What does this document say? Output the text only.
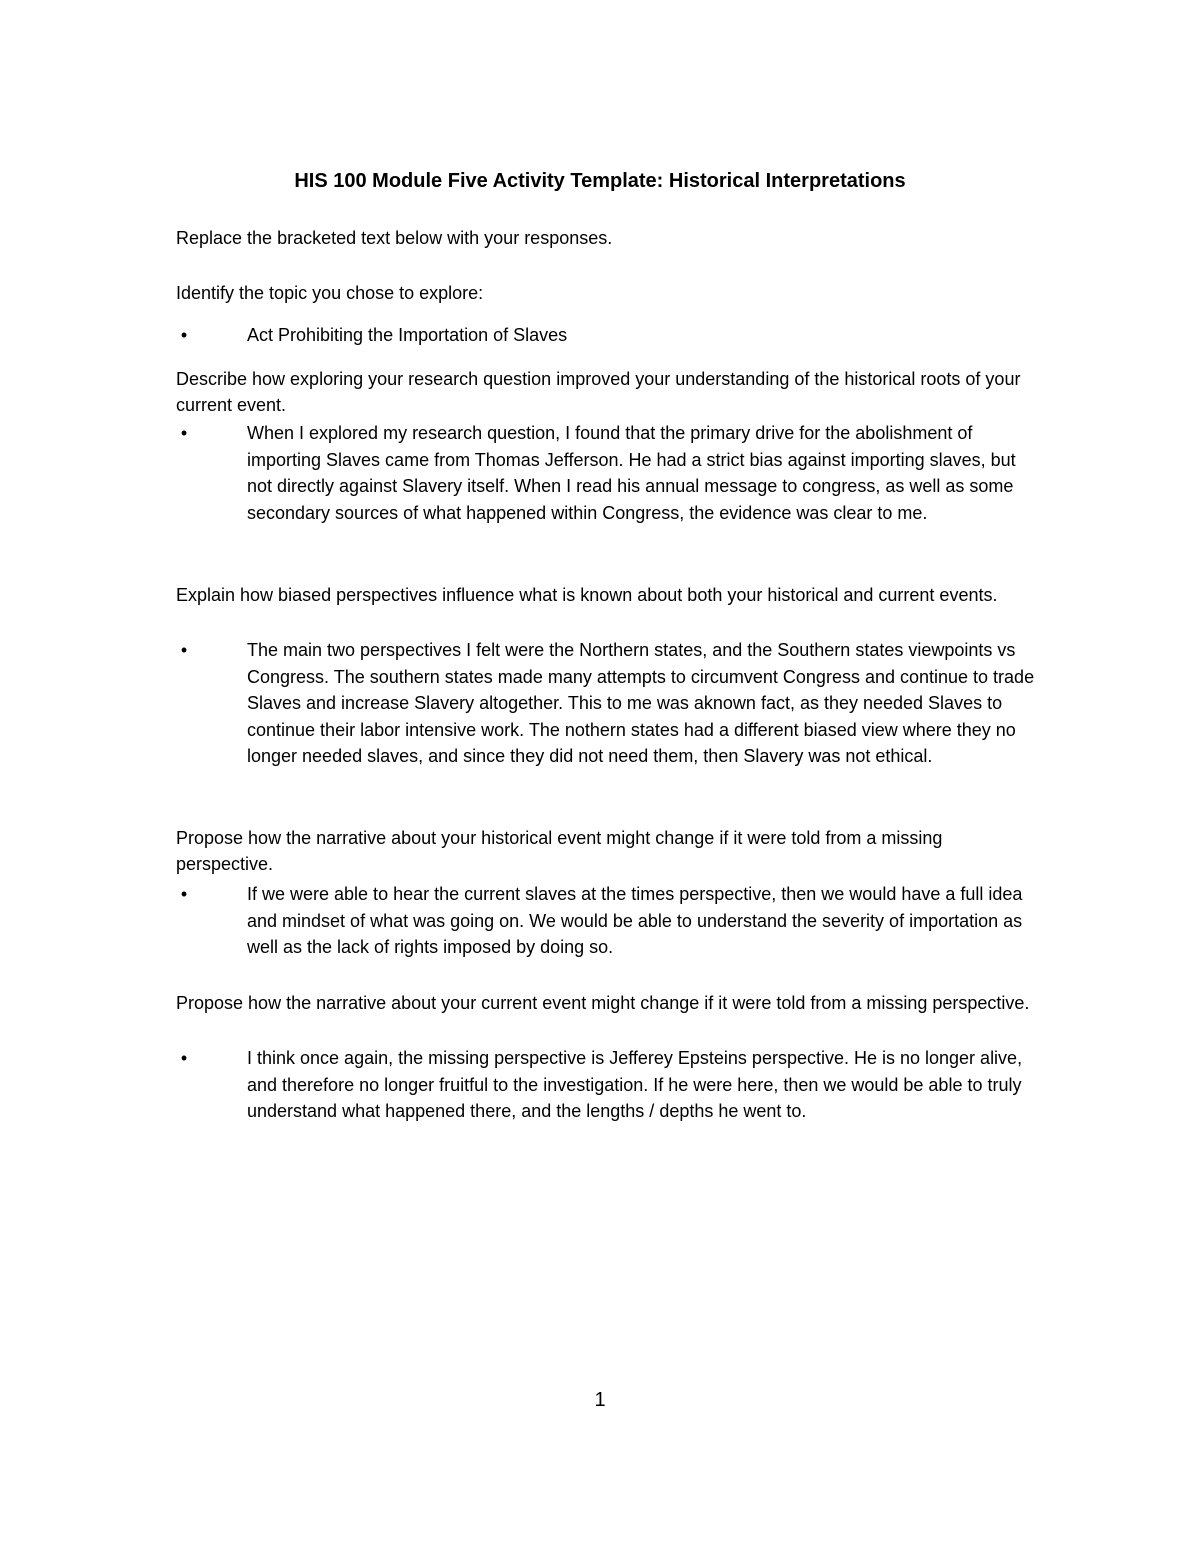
HIS 100 Module Five Activity Template: Historical Interpretations

Replace the bracketed text below with your responses.

Identify the topic you chose to explore:

•	Act Prohibiting the Importation of Slaves

Describe how exploring your research question improved your understanding of the historical roots of your current event.

•	When I explored my research question, I found that the primary drive for the abolishment of importing Slaves came from Thomas Jefferson. He had a strict bias against importing slaves, but not directly against Slavery itself. When I read his annual message to congress, as well as some secondary sources of what happened within Congress, the evidence was clear to me.

Explain how biased perspectives influence what is known about both your historical and current events.

•	The main two perspectives I felt were the Northern states, and the Southern states viewpoints vs Congress. The southern states made many attempts to circumvent Congress and continue to trade Slaves and increase Slavery altogether. This to me was aknown fact, as they needed Slaves to continue their labor intensive work. The nothern states had a different biased view where they no longer needed slaves, and since they did not need them, then Slavery was not ethical.

Propose how the narrative about your historical event might change if it were told from a missing perspective.

•	If we were able to hear the current slaves at the times perspective, then we would have a full idea and mindset of what was going on. We would be able to understand the severity of importation as well as the lack of rights imposed by doing so.

Propose how the narrative about your current event might change if it were told from a missing perspective.

•	I think once again, the missing perspective is Jefferey Epsteins perspective. He is no longer alive, and therefore no longer fruitful to the investigation. If he were here, then we would be able to truly understand what happened there, and the lengths / depths he went to.
1
